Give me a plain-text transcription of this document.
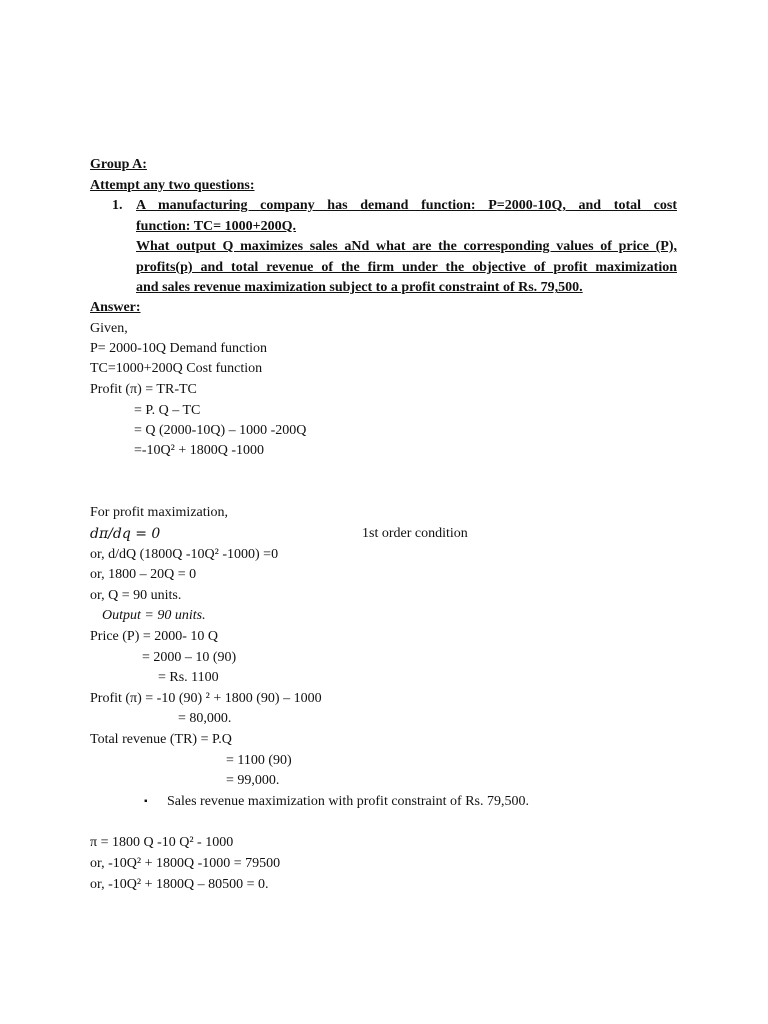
Group A:
Attempt any two questions:
1. A manufacturing company has demand function: P=2000-10Q, and total cost
function: TC= 1000+200Q.
What output Q maximizes sales aNd what are the corresponding values of price (P),
profits(p) and total revenue of the firm under the objective of profit maximization
and sales revenue maximization subject to a profit constraint of Rs. 79,500.
Answer:
Given,
P= 2000-10Q Demand function
TC=1000+200Q Cost function
Profit (π) = TR-TC
= P. Q – TC
= Q (2000-10Q) – 1000 -200Q
=-10Q² + 1800Q -1000
For profit maximization,
dπ/dq = 0	1st order condition
or, d/dQ (1800Q -10Q² -1000) =0
or, 1800 – 20Q = 0
or, Q = 90 units.
Output = 90 units.
Price (P) = 2000- 10 Q
= 2000 – 10 (90)
= Rs. 1100
Profit (π) = -10 (90) ² + 1800 (90) – 1000
= 80,000.
Total revenue (TR) = P.Q
= 1100 (90)
= 99,000.
▪ Sales revenue maximization with profit constraint of Rs. 79,500.
π = 1800 Q -10 Q² - 1000
or, -10Q² + 1800Q -1000 = 79500
or, -10Q² + 1800Q – 80500 = 0.
